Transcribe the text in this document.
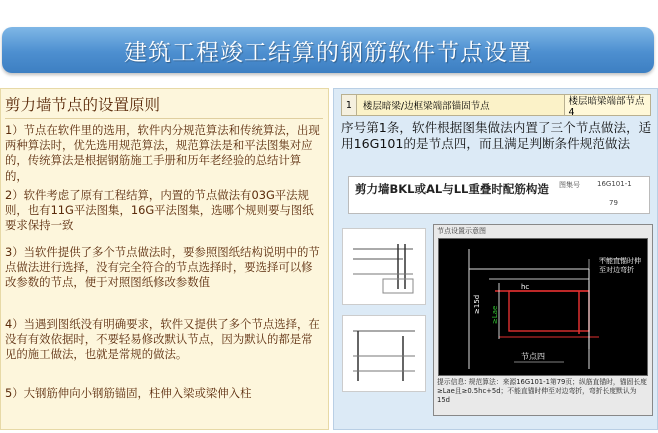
建筑工程竣工结算的钢筋软件节点设置
剪力墙节点的设置原则
1）节点在软件里的选用，软件内分规范算法和传统算法，出现两种算法时，优先选用规范算法，规范算法是和平法图集对应的，传统算法是根据钢筋施工手册和历年老经验的总结计算的，
2）软件考虑了原有工程结算，内置的节点做法有03G平法规则，也有11G平法图集，16G平法图集，选哪个规则要与图纸要求保持一致
3）当软件提供了多个节点做法时，要参照图纸结构说明中的节点做法进行选择，没有完全符合的节点选择时，要选择可以修改参数的节点，便于对照图纸修改参数值
4）当遇到图纸没有明确要求，软件又提供了多个节点选择，在没有有效依据时，不要轻易修改默认节点，因为默认的都是常见的施工做法，也就是常规的做法。
5）大钢筋伸向小钢筋锚固，柱伸入梁或梁伸入柱
1	楼层暗梁/边框梁端部锚固节点	楼层暗梁端部节点4
序号第1条，软件根据图集做法内置了三个节点做法，适用16G101的是节点四，而且满足判断条件规范做法
剪力墙BKL或AL与LL重叠时配筋构造 图集号 16G101-1
79
节点设置示意图
不能直锚时伸
至对边弯折
hc
≥15d
≥Lae
节点四
提示信息: 规范算法：来源16G101-1第79页；纵筋直锚时，锚固长度≥Lae且≥0.5hc+5d；不能直锚时伸至对边弯折，弯折长度默认为15d
